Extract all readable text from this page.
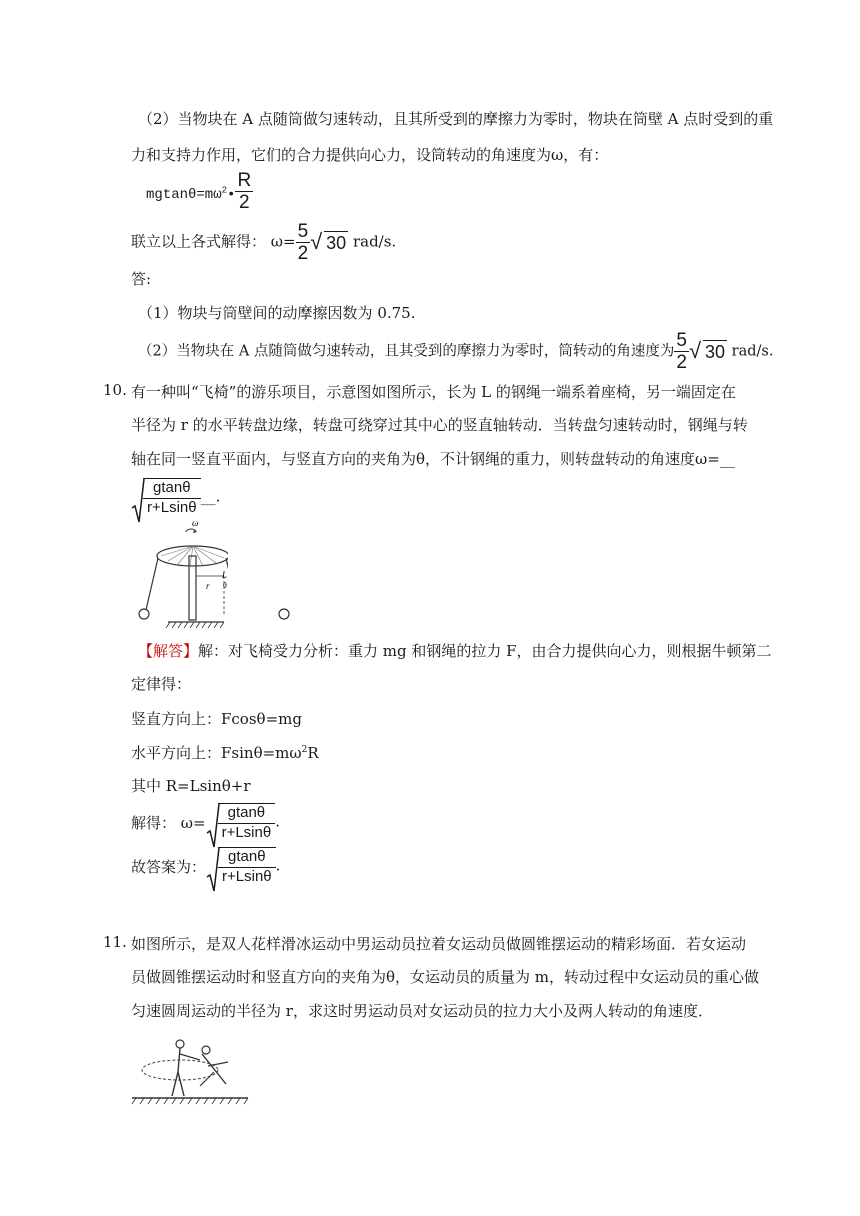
（2）当物块在 A 点随筒做匀速转动，且其所受到的摩擦力为零时，物块在筒壁 A 点时受到的重
力和支持力作用，它们的合力提供向心力，设筒转动的角速度为ω，有：
$mgtan\theta=m\omega^2• \frac{R}{2}$
联立以上各式解得： $\omega= \frac{5}{2}$ √ 30 rad/s.
答:
（1）物块与筒壁间的动摩擦因数为 0.75.
（2）当物块在 A 点随筒做匀速转动，且其受到的摩擦力为零时，筒转动的角速度为 $\frac{5}{2}$ √ 30 rad/s.
10. 有一种叫“飞椅”的游乐项目，示意图如图所示，长为 L 的钢绳一端系着座椅，另一端固定在
半径为 r 的水平转盘边缘，转盘可绕穿过其中心的竖直轴转动．当转盘匀速转动时，钢绳与转
轴在同一竖直平面内，与竖直方向的夹角为θ，不计钢绳的重力，则转盘转动的角速度ω=__
$\frac{gtan\theta}{r+Lsin\theta}$ __.
ω
r θ
L
【解答】解：对飞椅受力分析：重力 mg 和钢绳的拉力 F，由合力提供向心力，则根据牛顿第二
定律得：
竖直方向上：Fcosθ=mg
水平方向上：$Fsin\theta=m\omega^2R$
其中 R=Lsinθ+r
解得： $\omega= \frac{gtan\theta}{r+Lsin\theta}$ .
故答案为： $\frac{gtan\theta}{r+Lsin\theta}$ .
11. 如图所示，是双人花样滑冰运动中男运动员拉着女运动员做圆锥摆运动的精彩场面．若女运动
员做圆锥摆运动时和竖直方向的夹角为θ，女运动员的质量为 m，转动过程中女运动员的重心做
匀速圆周运动的半径为 r，求这时男运动员对女运动员的拉力大小及两人转动的角速度．
